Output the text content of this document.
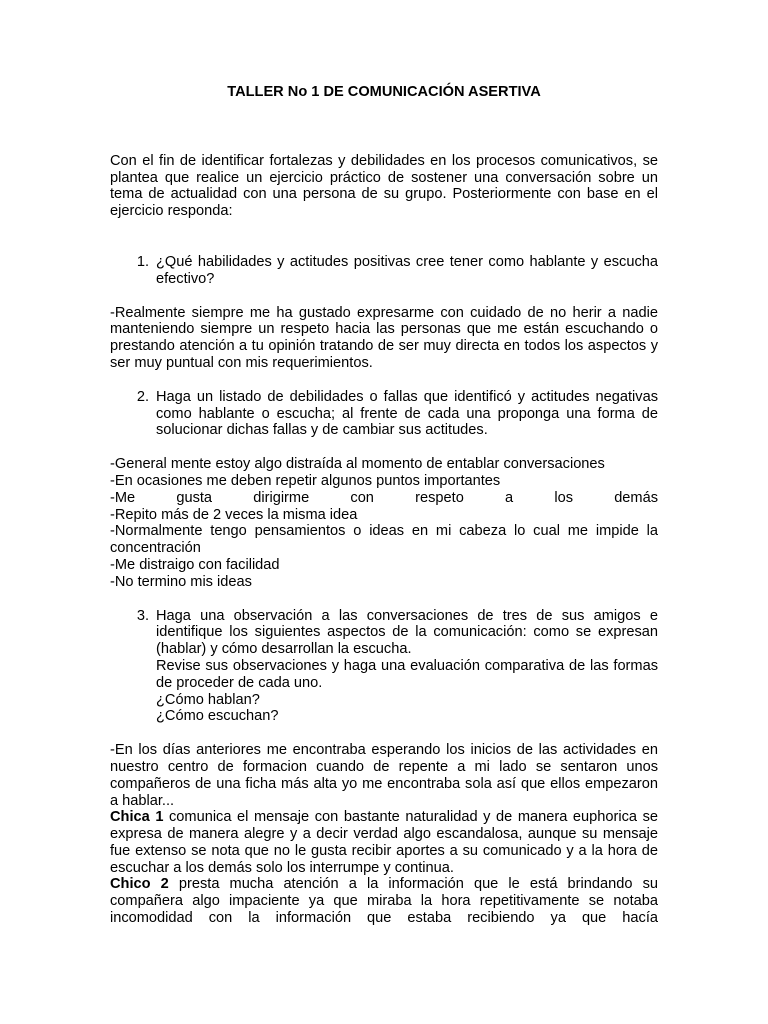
TALLER No 1 DE COMUNICACIÓN ASERTIVA

Con el fin de identificar fortalezas y debilidades en los procesos comunicativos, se plantea que realice un ejercicio práctico de sostener una conversación sobre un tema de actualidad con una persona de su grupo. Posteriormente con base en el ejercicio responda:

1. ¿Qué habilidades y actitudes positivas cree tener como hablante y escucha efectivo?

-Realmente siempre me ha gustado expresarme con cuidado de no herir a nadie manteniendo siempre un respeto hacia las personas que me están escuchando o prestando atención a tu opinión tratando de ser muy directa en todos los aspectos y ser muy puntual con mis requerimientos.

2. Haga un listado de debilidades o fallas que identificó y actitudes negativas como hablante o escucha; al frente de cada una proponga una forma de solucionar dichas fallas y de cambiar sus actitudes.

-General mente estoy algo distraída al momento de entablar conversaciones

-En ocasiones me deben repetir algunos puntos importantes

-Me gusta dirigirme con respeto a los demás

-Repito más de 2 veces la misma idea

-Normalmente tengo pensamientos o ideas en mi cabeza lo cual me impide la concentración

-Me distraigo con facilidad

-No termino mis ideas

3. Haga una observación a las conversaciones de tres de sus amigos e identifique los siguientes aspectos de la comunicación: como se expresan (hablar) y cómo desarrollan la escucha.
Revise sus observaciones y haga una evaluación comparativa de las formas de proceder de cada uno.
¿Cómo hablan?
¿Cómo escuchan?

-En los días anteriores me encontraba esperando los inicios de las actividades en nuestro centro de formacion cuando de repente a mi lado se sentaron unos compañeros de una ficha más alta yo me encontraba sola así que ellos empezaron a hablar...

Chica 1 comunica el mensaje con bastante naturalidad y de manera euphorica se expresa de manera alegre y a decir verdad algo escandalosa, aunque su mensaje fue extenso se nota que no le gusta recibir aportes a su comunicado y a la hora de escuchar a los demás solo los interrumpe y continua.

Chico 2 presta mucha atención a la información que le está brindando su compañera algo impaciente ya que miraba la hora repetitivamente se notaba incomodidad con la información que estaba recibiendo ya que hacía
